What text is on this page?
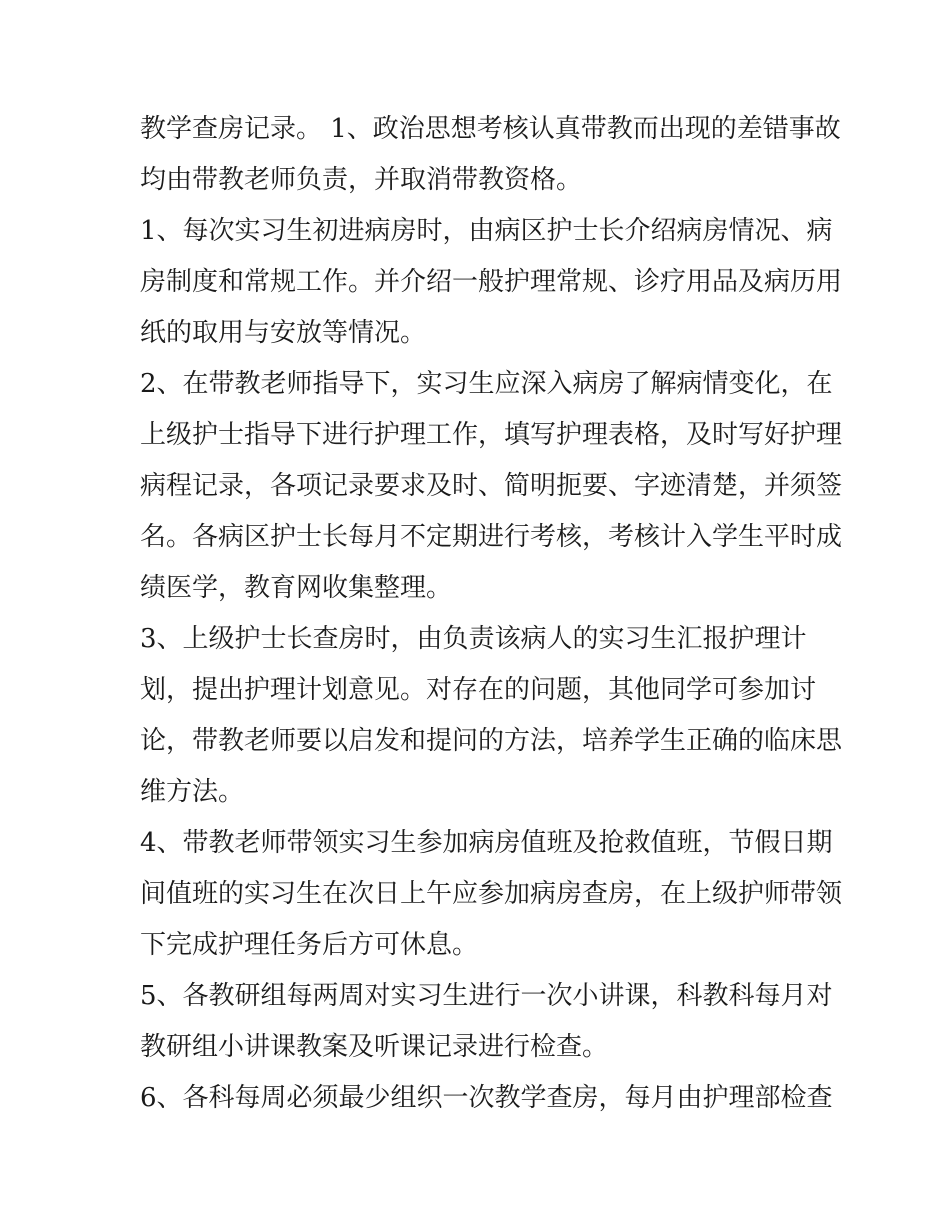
教学查房记录。 1、政治思想考核认真带教而出现的差错事故
均由带教老师负责，并取消带教资格。

1、每次实习生初进病房时，由病区护士长介绍病房情况、病
房制度和常规工作。并介绍一般护理常规、诊疗用品及病历用
纸的取用与安放等情况。

2、在带教老师指导下，实习生应深入病房了解病情变化，在
上级护士指导下进行护理工作，填写护理表格，及时写好护理
病程记录，各项记录要求及时、简明扼要、字迹清楚，并须签
名。各病区护士长每月不定期进行考核，考核计入学生平时成
绩医学，教育网收集整理。

3、上级护士长查房时，由负责该病人的实习生汇报护理计
划，提出护理计划意见。对存在的问题，其他同学可参加讨
论，带教老师要以启发和提问的方法，培养学生正确的临床思
维方法。

4、带教老师带领实习生参加病房值班及抢救值班，节假日期
间值班的实习生在次日上午应参加病房查房，在上级护师带领
下完成护理任务后方可休息。

5、各教研组每两周对实习生进行一次小讲课，科教科每月对
教研组小讲课教案及听课记录进行检查。

6、各科每周必须最少组织一次教学查房，每月由护理部检查
